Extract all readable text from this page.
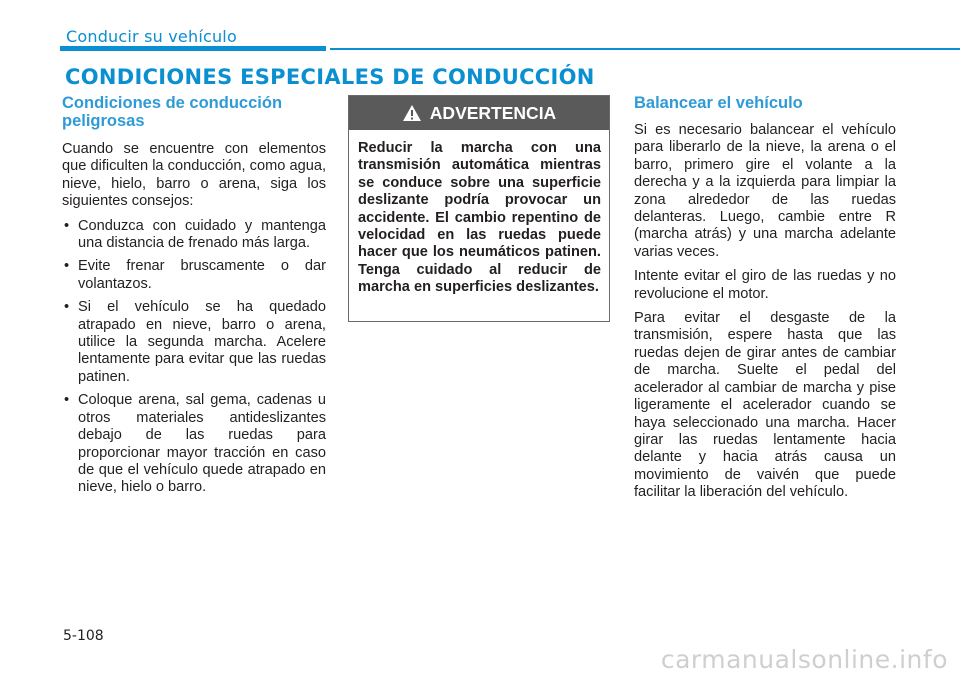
Conducir su vehículo
CONDICIONES ESPECIALES DE CONDUCCIÓN
Condiciones de conducción peligrosas

Cuando se encuentre con elementos que dificulten la conducción, como agua, nieve, hielo, barro o arena, siga los siguientes consejos:

• Conduzca con cuidado y mantenga una distancia de frenado más larga.
• Evite frenar bruscamente o dar volantazos.
• Si el vehículo se ha quedado atrapado en nieve, barro o arena, utilice la segunda marcha. Acelere lentamente para evitar que las ruedas patinen.
• Coloque arena, sal gema, cadenas u otros materiales antideslizantes debajo de las ruedas para proporcionar mayor tracción en caso de que el vehículo quede atrapado en nieve, hielo o barro.
ADVERTENCIA
Reducir la marcha con una transmisión automática mientras se conduce sobre una superficie deslizante podría provocar un accidente. El cambio repentino de velocidad en las ruedas puede hacer que los neumáticos patinen. Tenga cuidado al reducir de marcha en superficies deslizantes.
Balancear el vehículo

Si es necesario balancear el vehículo para liberarlo de la nieve, la arena o el barro, primero gire el volante a la derecha y a la izquierda para limpiar la zona alrededor de las ruedas delanteras. Luego, cambie entre R (marcha atrás) y una marcha adelante varias veces.

Intente evitar el giro de las ruedas y no revolucione el motor.

Para evitar el desgaste de la transmisión, espere hasta que las ruedas dejen de girar antes de cambiar de marcha. Suelte el pedal del acelerador al cambiar de marcha y pise ligeramente el acelerador cuando se haya seleccionado una marcha. Hacer girar las ruedas lentamente hacia delante y hacia atrás causa un movimiento de vaivén que puede facilitar la liberación del vehículo.

5-108
carmanualsonline.info
